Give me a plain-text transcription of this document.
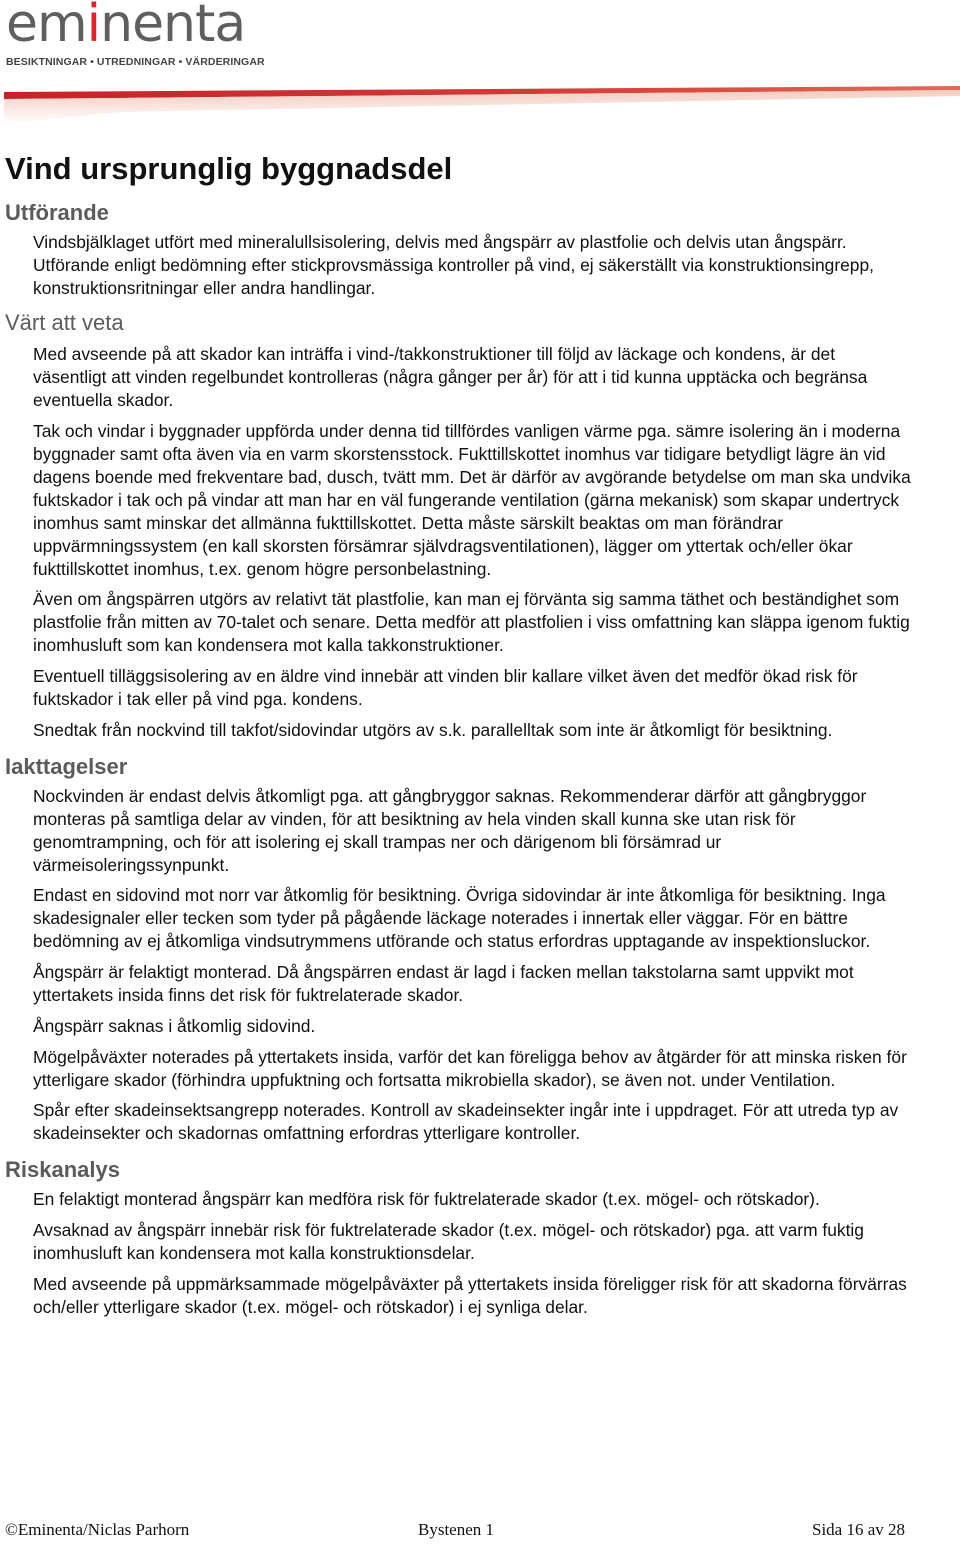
eminenta
BESIKTNINGAR • UTREDNINGAR • VÄRDERINGAR
Vind ursprunglig byggnadsdel
Utförande

Vindsbjälklaget utfört med mineralullsisolering, delvis med ångspärr av plastfolie och delvis utan ångspärr. Utförande enligt bedömning efter stickprovsmässiga kontroller på vind, ej säkerställt via konstruktionsingrepp, konstruktionsritningar eller andra handlingar.

Värt att veta

Med avseende på att skador kan inträffa i vind-/takkonstruktioner till följd av läckage och kondens, är det väsentligt att vinden regelbundet kontrolleras (några gånger per år) för att i tid kunna upptäcka och begränsa eventuella skador.

Tak och vindar i byggnader uppförda under denna tid tillfördes vanligen värme pga. sämre isolering än i moderna byggnader samt ofta även via en varm skorstensstock. Fukttillskottet inomhus var tidigare betydligt lägre än vid dagens boende med frekventare bad, dusch, tvätt mm. Det är därför av avgörande betydelse om man ska undvika fuktskador i tak och på vindar att man har en väl fungerande ventilation (gärna mekanisk) som skapar undertryck inomhus samt minskar det allmänna fukttillskottet. Detta måste särskilt beaktas om man förändrar uppvärmningssystem (en kall skorsten försämrar självdragsventilationen), lägger om yttertak och/eller ökar fukttillskottet inomhus, t.ex. genom högre personbelastning.

Även om ångspärren utgörs av relativt tät plastfolie, kan man ej förvänta sig samma täthet och beständighet som plastfolie från mitten av 70-talet och senare. Detta medför att plastfolien i viss omfattning kan släppa igenom fuktig inomhusluft som kan kondensera mot kalla takkonstruktioner.

Eventuell tilläggsisolering av en äldre vind innebär att vinden blir kallare vilket även det medför ökad risk för fuktskador i tak eller på vind pga. kondens.

Snedtak från nockvind till takfot/sidovindar utgörs av s.k. parallelltak som inte är åtkomligt för besiktning.

Iakttagelser

Nockvinden är endast delvis åtkomligt pga. att gångbryggor saknas. Rekommenderar därför att gångbryggor monteras på samtliga delar av vinden, för att besiktning av hela vinden skall kunna ske utan risk för genomtrampning, och för att isolering ej skall trampas ner och därigenom bli försämrad ur värmeisoleringssynpunkt.

Endast en sidovind mot norr var åtkomlig för besiktning. Övriga sidovindar är inte åtkomliga för besiktning. Inga skadesignaler eller tecken som tyder på pågående läckage noterades i innertak eller väggar. För en bättre bedömning av ej åtkomliga vindsutrymmens utförande och status erfordras upptagande av inspektionsluckor.

Ångspärr är felaktigt monterad. Då ångspärren endast är lagd i facken mellan takstolarna samt uppvikt mot yttertakets insida finns det risk för fuktrelaterade skador.

Ångspärr saknas i åtkomlig sidovind.

Mögelpåväxter noterades på yttertakets insida, varför det kan föreligga behov av åtgärder för att minska risken för ytterligare skador (förhindra uppfuktning och fortsatta mikrobiella skador), se även not. under Ventilation.

Spår efter skadeinsektsangrepp noterades. Kontroll av skadeinsekter ingår inte i uppdraget. För att utreda typ av skadeinsekter och skadornas omfattning erfordras ytterligare kontroller.

Riskanalys

En felaktigt monterad ångspärr kan medföra risk för fuktrelaterade skador (t.ex. mögel- och rötskador).

Avsaknad av ångspärr innebär risk för fuktrelaterade skador (t.ex. mögel- och rötskador) pga. att varm fuktig inomhusluft kan kondensera mot kalla konstruktionsdelar.

Med avseende på uppmärksammade mögelpåväxter på yttertakets insida föreligger risk för att skadorna förvärras och/eller ytterligare skador (t.ex. mögel- och rötskador) i ej synliga delar.

©Eminenta/Niclas Parhorn	Bystenen 1	Sida 16 av 28
